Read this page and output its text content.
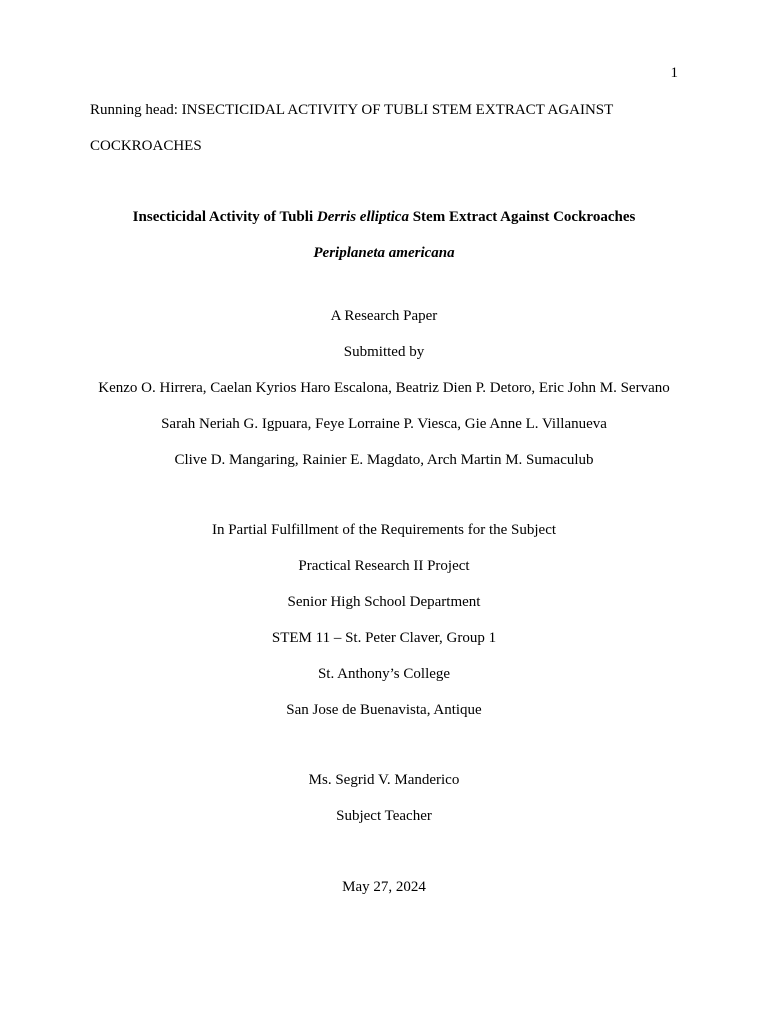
1
Running head: INSECTICIDAL ACTIVITY OF TUBLI STEM EXTRACT AGAINST COCKROACHES
Insecticidal Activity of Tubli Derris elliptica Stem Extract Against Cockroaches
Periplaneta americana
A Research Paper
Submitted by
Kenzo O. Hirrera, Caelan Kyrios Haro Escalona, Beatriz Dien P. Detoro, Eric John M. Servano
Sarah Neriah G. Igpuara, Feye Lorraine P. Viesca, Gie Anne L. Villanueva
Clive D. Mangaring, Rainier E. Magdato, Arch Martin M. Sumaculub
In Partial Fulfillment of the Requirements for the Subject
Practical Research II Project
Senior High School Department
STEM 11 – St. Peter Claver, Group 1
St. Anthony’s College
San Jose de Buenavista, Antique
Ms. Segrid V. Manderico
Subject Teacher
May 27, 2024
